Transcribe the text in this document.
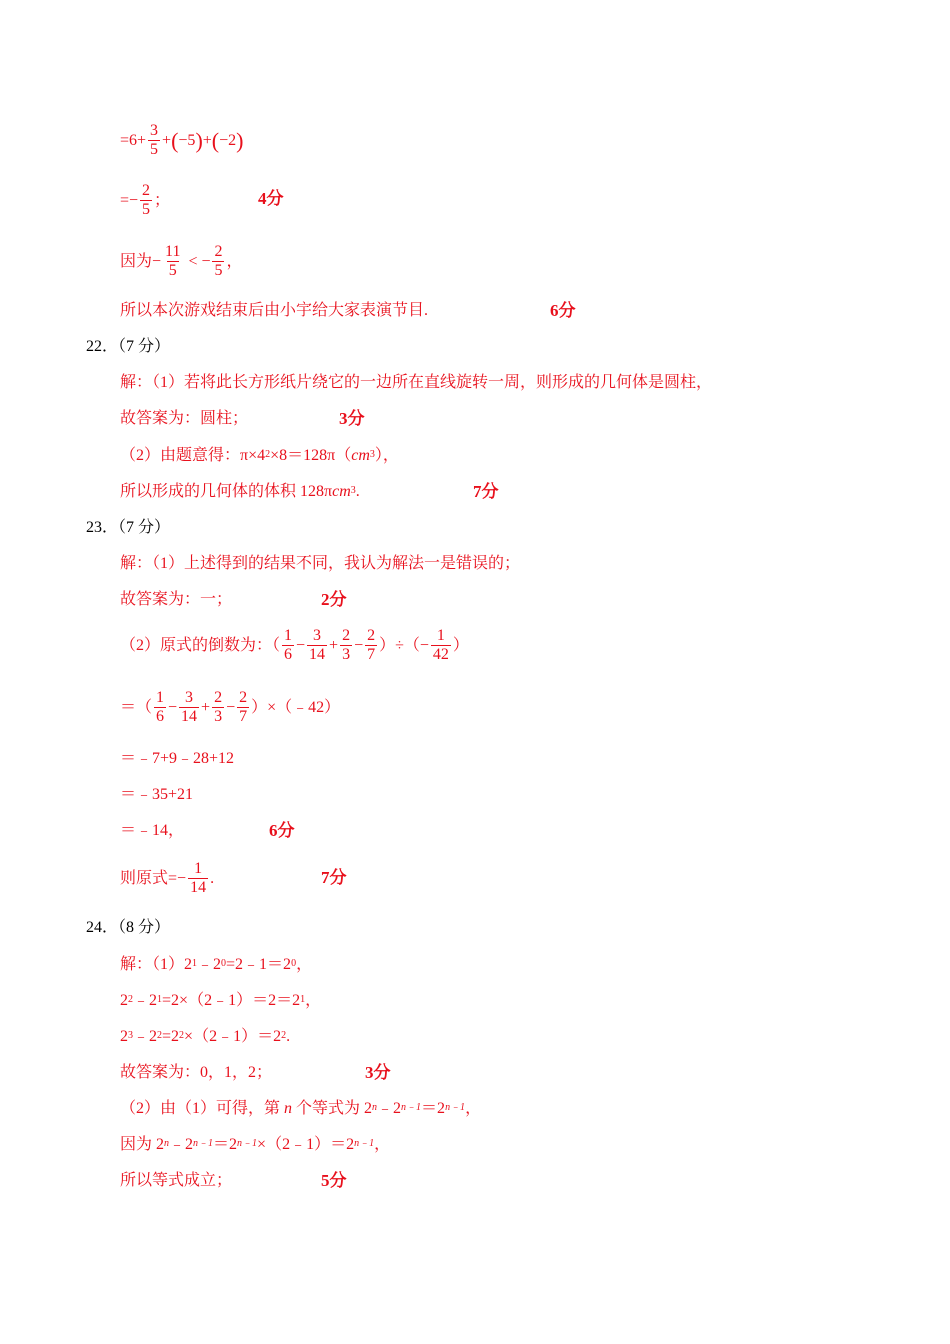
$=6+ \frac{3}{5}$ + ( −5 ) + ( −2 )
=− $\frac{2}{5}$ ；	4分
因为− $\frac{11}{5}$ < − $\frac{2}{5}$ ，
所以本次游戏结束后由小宇给大家表演节目.	6分
22．（7 分）
解：（1）若将此长方形纸片绕它的一边所在直线旋转一周，则形成的几何体是圆柱，
故答案为：圆柱；	3分
（2）由题意得：$\pi\times 4^2 \times 8=128\pi$（ $cm^3$ ），
所以形成的几何体的体积 128π $cm^3$ .	7分
23．（7 分）
解：（1）上述得到的结果不同，我认为解法一是错误的；
故答案为：一；	2分
（2）原式的倒数为：（ $\frac{1}{6} - \frac{3}{14} + \frac{2}{3} - \frac{2}{7}$ ）÷（− $\frac{1}{42}$ ）
＝（ $\frac{1}{6} - \frac{3}{14} + \frac{2}{3} - \frac{2}{7}$ ）×（﹣42）
＝﹣7+9﹣28+12
＝﹣35+21
＝﹣14，	6分
则原式=− $\frac{1}{14}$ .	7分
24．（8 分）
解：$(1)2^1$ $﹣2^0$ $=2﹣1=2^0$ ，
$2^2$ $﹣2^1$ $=2\times(2﹣1)=2=2^1$ ，
$2^3$ $﹣2^2 =2^2$ $\times(2﹣1)=2^2$ .
故答案为：0，1，2；	3分
（2）由（1）可得，第 n 个等式为 2$^n$ $﹣2^{n﹣1} =2^{n﹣1}$ ，
因为 2$^n$ $﹣2^{n﹣1} =2^{n﹣1}$ $\times(2﹣1)=2^{n﹣1}$ ，
所以等式成立；	5分
